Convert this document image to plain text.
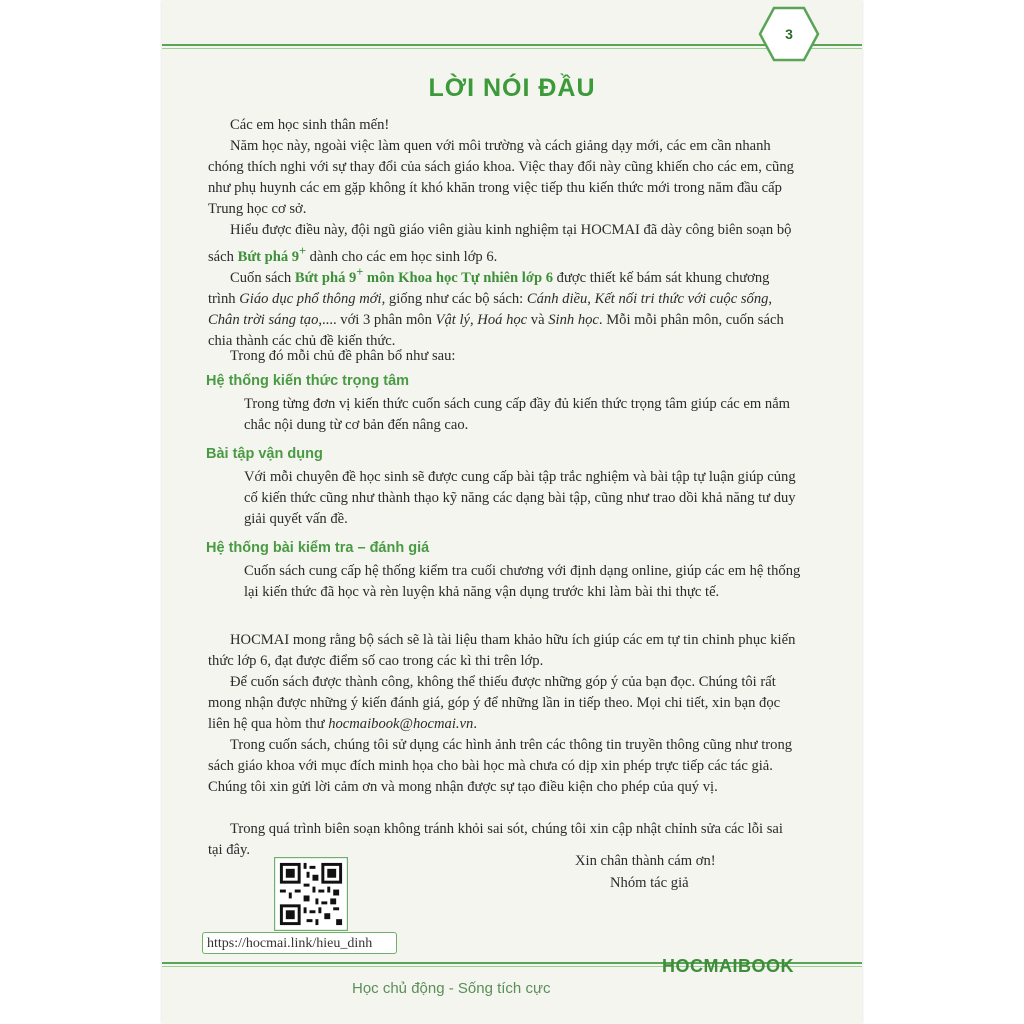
3
LỜI NÓI ĐẦU
Các em học sinh thân mến!
Năm học này, ngoài việc làm quen với môi trường và cách giảng dạy mới, các em cần nhanh chóng thích nghi với sự thay đổi của sách giáo khoa. Việc thay đổi này cũng khiến cho các em, cũng như phụ huynh các em gặp không ít khó khăn trong việc tiếp thu kiến thức mới trong năm đầu cấp Trung học cơ sở.
Hiểu được điều này, đội ngũ giáo viên giàu kinh nghiệm tại HOCMAI đã dày công biên soạn bộ sách Bứt phá 9+ dành cho các em học sinh lớp 6.
Cuốn sách Bứt phá 9+ môn Khoa học Tự nhiên lớp 6 được thiết kế bám sát khung chương trình Giáo dục phổ thông mới, giống như các bộ sách: Cánh diều, Kết nối tri thức với cuộc sống, Chân trời sáng tạo,.... với 3 phân môn Vật lý, Hoá học và Sinh học. Mỗi mỗi phân môn, cuốn sách chia thành các chủ đề kiến thức.
Trong đó mỗi chủ đề phân bổ như sau:
Hệ thống kiến thức trọng tâm
Trong từng đơn vị kiến thức cuốn sách cung cấp đầy đủ kiến thức trọng tâm giúp các em nắm chắc nội dung từ cơ bản đến nâng cao.
Bài tập vận dụng
Với mỗi chuyên đề học sinh sẽ được cung cấp bài tập trắc nghiệm và bài tập tự luận giúp củng cố kiến thức cũng như thành thạo kỹ năng các dạng bài tập, cũng như trao dồi khả năng tư duy giải quyết vấn đề.
Hệ thống bài kiểm tra – đánh giá
Cuốn sách cung cấp hệ thống kiểm tra cuối chương với định dạng online, giúp các em hệ thống lại kiến thức đã học và rèn luyện khả năng vận dụng trước khi làm bài thi thực tế.
HOCMAI mong rằng bộ sách sẽ là tài liệu tham khảo hữu ích giúp các em tự tin chinh phục kiến thức lớp 6, đạt được điểm số cao trong các kì thi trên lớp.
Để cuốn sách được thành công, không thể thiếu được những góp ý của bạn đọc. Chúng tôi rất mong nhận được những ý kiến đánh giá, góp ý để những lần in tiếp theo. Mọi chi tiết, xin bạn đọc liên hệ qua hòm thư hocmaibook@hocmai.vn.
Trong cuốn sách, chúng tôi sử dụng các hình ảnh trên các thông tin truyền thông cũng như trong sách giáo khoa với mục đích minh họa cho bài học mà chưa có dịp xin phép trực tiếp các tác giả. Chúng tôi xin gửi lời cảm ơn và mong nhận được sự tạo điều kiện cho phép của quý vị.
Trong quá trình biên soạn không tránh khỏi sai sót, chúng tôi xin cập nhật chỉnh sửa các lỗi sai tại đây.
Xin chân thành cám ơn!
Nhóm tác giả
https://hocmai.link/hieu_dinh
Học chủ động - Sống tích cực
HOCMAIBOOK
